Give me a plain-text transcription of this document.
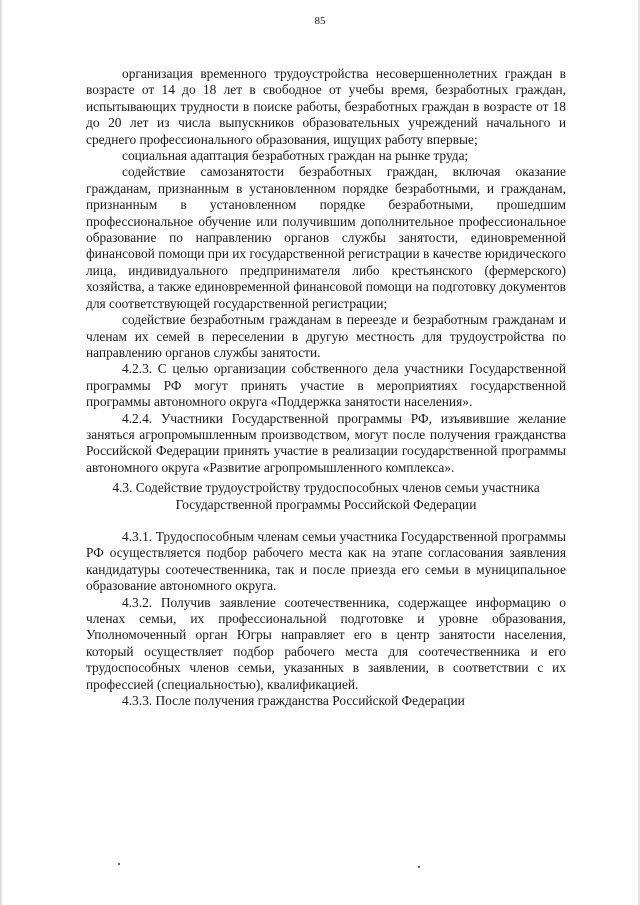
85

организация временного трудоустройства несовершеннолетних граждан в возрасте от 14 до 18 лет в свободное от учебы время, безработных граждан, испытывающих трудности в поиске работы, безработных граждан в возрасте от 18 до 20 лет из числа выпускников образовательных учреждений начального и среднего профессионального образования, ищущих работу впервые;

социальная адаптация безработных граждан на рынке труда;

содействие самозанятости безработных граждан, включая оказание гражданам, признанным в установленном порядке безработными, и гражданам, признанным в установленном порядке безработными, прошедшим профессиональное обучение или получившим дополнительное профессиональное образование по направлению органов службы занятости, единовременной финансовой помощи при их государственной регистрации в качестве юридического лица, индивидуального предпринимателя либо крестьянского (фермерского) хозяйства, а также единовременной финансовой помощи на подготовку документов для соответствующей государственной регистрации;

содействие безработным гражданам в переезде и безработным гражданам и членам их семей в переселении в другую местность для трудоустройства по направлению органов службы занятости.

4.2.3. С целью организации собственного дела участники Государственной программы РФ могут принять участие в мероприятиях государственной программы автономного округа «Поддержка занятости населения».

4.2.4. Участники Государственной программы РФ, изъявившие желание заняться агропромышленным производством, могут после получения гражданства Российской Федерации принять участие в реализации государственной программы автономного округа «Развитие агропромышленного комплекса».

4.3. Содействие трудоустройству трудоспособных членов семьи участника Государственной программы Российской Федерации

4.3.1. Трудоспособным членам семьи участника Государственной программы РФ осуществляется подбор рабочего места как на этапе согласования заявления кандидатуры соотечественника, так и после приезда его семьи в муниципальное образование автономного округа.

4.3.2. Получив заявление соотечественника, содержащее информацию о членах семьи, их профессиональной подготовке и уровне образования, Уполномоченный орган Югры направляет его в центр занятости населения, который осуществляет подбор рабочего места для соотечественника и его трудоспособных членов семьи, указанных в заявлении, в соответствии с их профессией (специальностью), квалификацией.

4.3.3. После получения гражданства Российской Федерации
